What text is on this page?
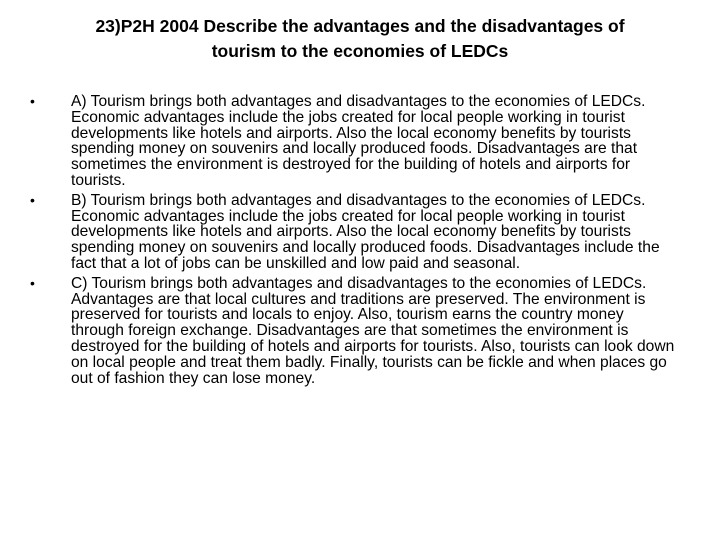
23)P2H 2004 Describe the advantages and the disadvantages of
tourism to the economies of LEDCs
• A) Tourism brings both advantages and disadvantages to the economies of LEDCs. Economic advantages include the jobs created for local people working in tourist developments like hotels and airports. Also the local economy benefits by tourists spending money on souvenirs and locally produced foods. Disadvantages are that sometimes the environment is destroyed for the building of hotels and airports for tourists.
• B) Tourism brings both advantages and disadvantages to the economies of LEDCs. Economic advantages include the jobs created for local people working in tourist developments like hotels and airports. Also the local economy benefits by tourists spending money on souvenirs and locally produced foods. Disadvantages include the fact that a lot of jobs can be unskilled and low paid and seasonal.
• C) Tourism brings both advantages and disadvantages to the economies of LEDCs. Advantages are that local cultures and traditions are preserved. The environment is preserved for tourists and locals to enjoy. Also, tourism earns the country money through foreign exchange. Disadvantages are that sometimes the environment is destroyed for the building of hotels and airports for tourists. Also, tourists can look down on local people and treat them badly. Finally, tourists can be fickle and when places go out of fashion they can lose money.
